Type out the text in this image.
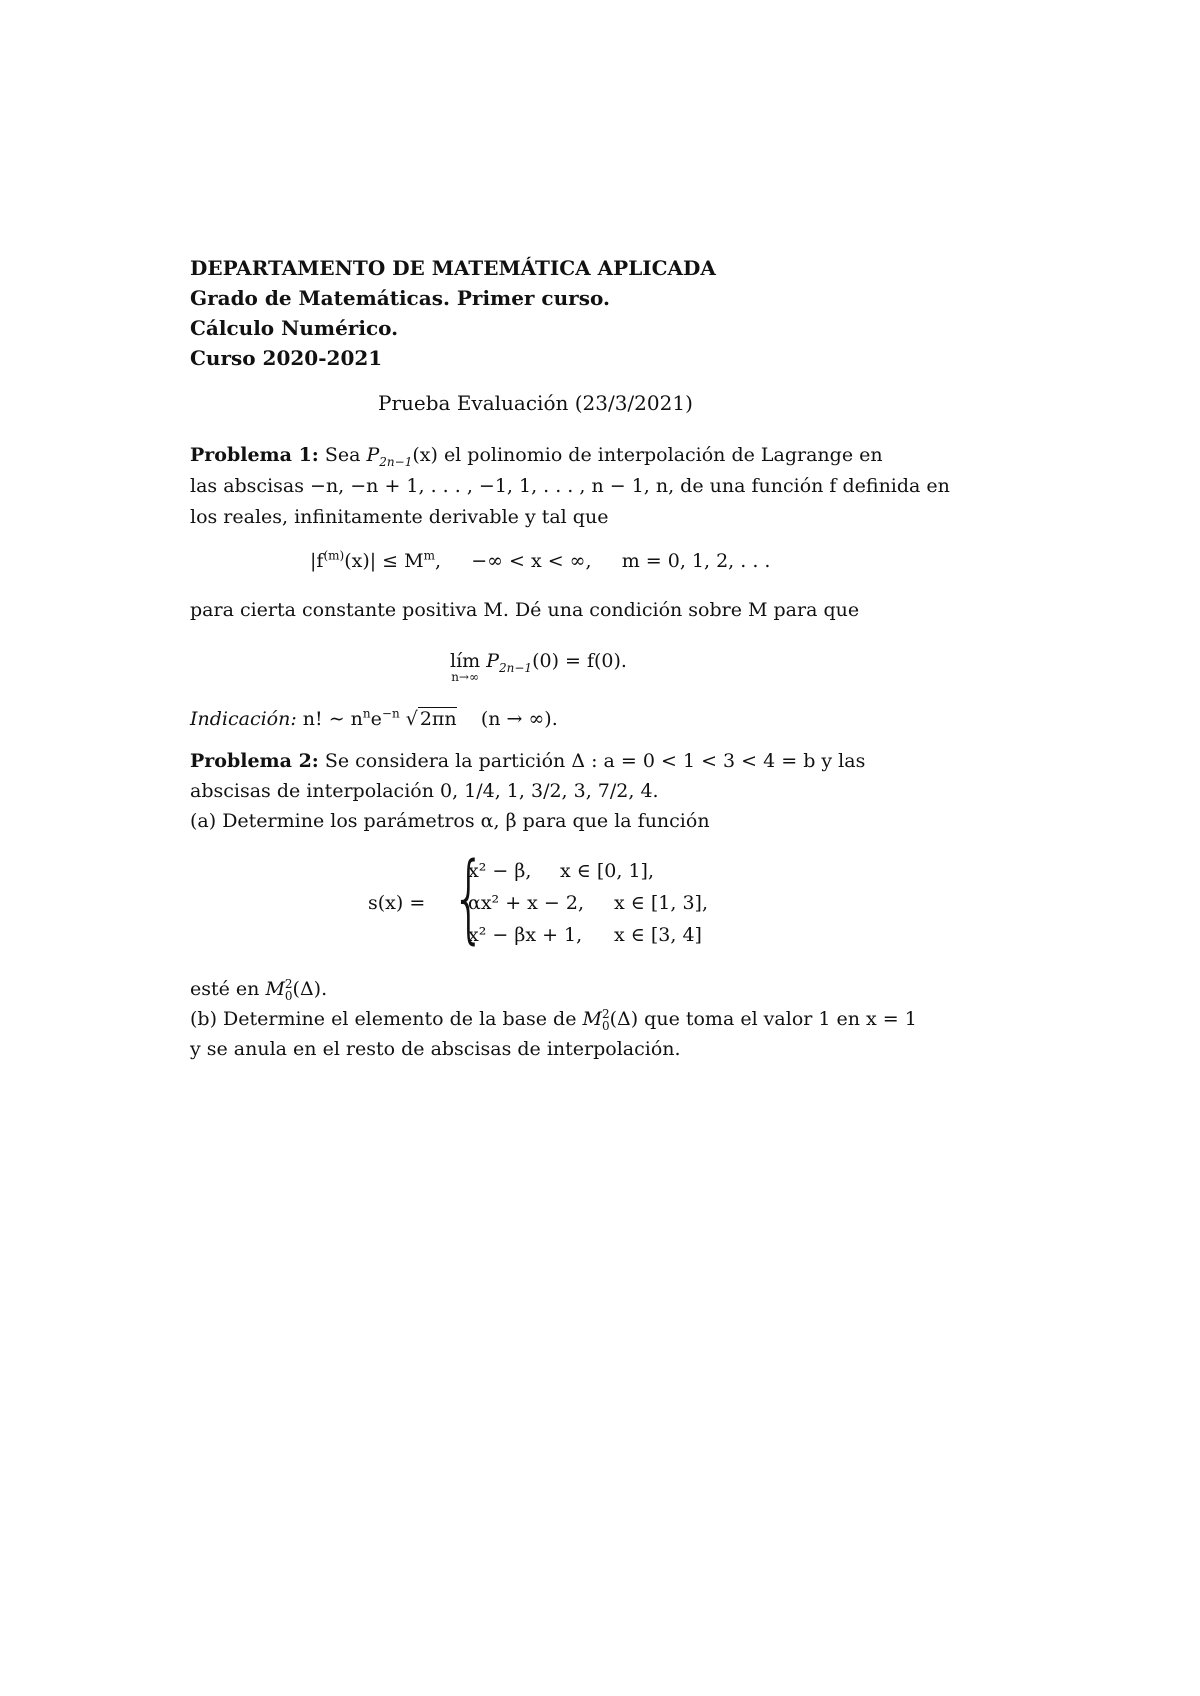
DEPARTAMENTO DE MATEMÁTICA APLICADA
Grado de Matemáticas. Primer curso.
Cálculo Numérico.
Curso 2020-2021
Prueba Evaluación (23/3/2021)
Problema 1: Sea $P_{2n-1}(x)$ el polinomio de interpolación de Lagrange en
las abscisas −n, −n + 1, . . . , −1, 1, . . . , n − 1, n, de una función f definida en
los reales, infinitamente derivable y tal que
$|f^{(m)}(x)| \le M^m$,     −∞ < x < ∞,     m = 0, 1, 2, . . .
para cierta constante positiva M. Dé una condición sobre M para que
lím
n→∞
$P_{2n-1}(0) = f(0)$.
Indicación: n! ∼ $n^ne^{-n}$ √ 2πn (n → ∞).
Problema 2: Se considera la partición Δ : a = 0 < 1 < 3 < 4 = b y las
abscisas de interpolación 0, 1/4, 1, 3/2, 3, 7/2, 4.
(a) Determine los parámetros α, β para que la función
s(x) = {
x² − β, x ∈ [0, 1],
αx² + x − 2, x ∈ [1, 3],
x² − βx + 1, x ∈ [3, 4]
esté en M 2
0 (Δ).
(b) Determine el elemento de la base de M 2
0 (Δ) que toma el valor 1 en x = 1
y se anula en el resto de abscisas de interpolación.
